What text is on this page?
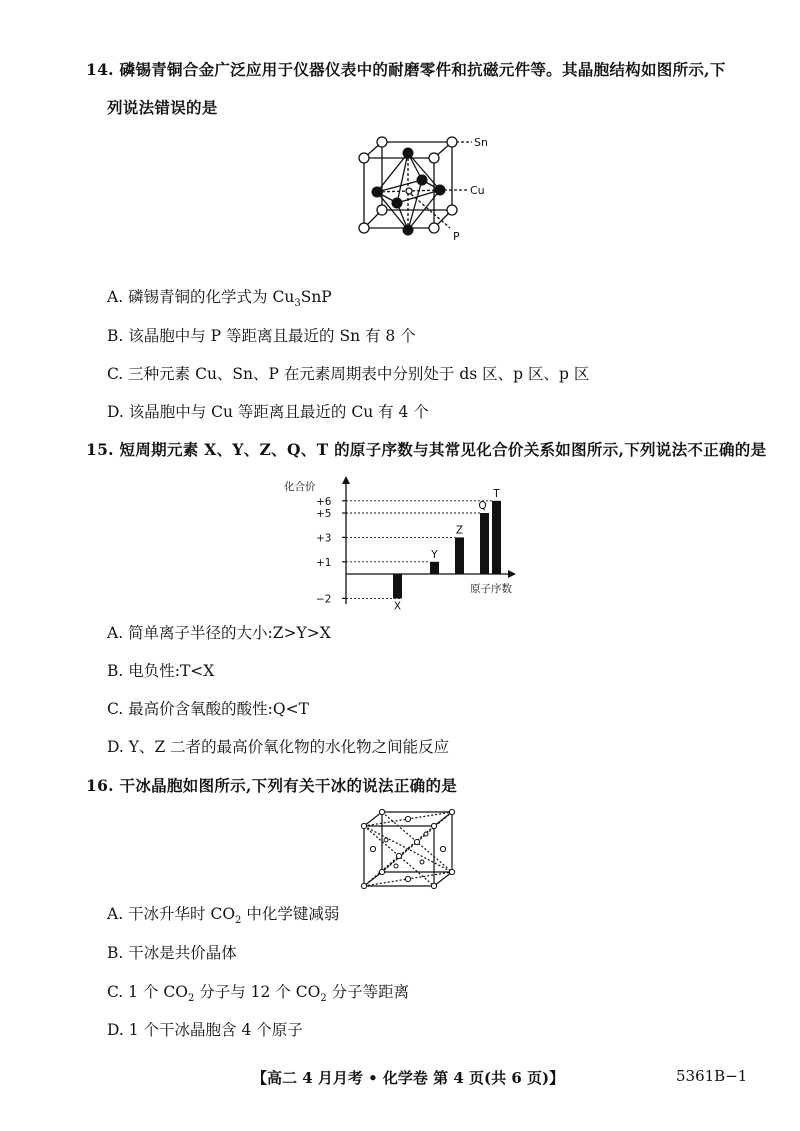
14. 磷锡青铜合金广泛应用于仪器仪表中的耐磨零件和抗磁元件等。其晶胞结构如图所示,下
列说法错误的是
Sn
Cu
P
A. 磷锡青铜的化学式为 $Cu_3SnP$
B. 该晶胞中与 P 等距离且最近的 Sn 有 8 个
C. 三种元素 Cu、Sn、P 在元素周期表中分别处于 ds 区、p 区、p 区
D. 该晶胞中与 Cu 等距离且最近的 Cu 有 4 个
15. 短周期元素 X、Y、Z、Q、T 的原子序数与其常见化合价关系如图所示,下列说法不正确的是
化合价
原子序数
+6
+5
+3
+1
−2
X
Y
Z
Q
T
A. 简单离子半径的大小:Z>Y>X
B. 电负性:T<X
C. 最高价含氧酸的酸性:Q<T
D. Y、Z 二者的最高价氧化物的水化物之间能反应
16. 干冰晶胞如图所示,下列有关干冰的说法正确的是
A. 干冰升华时 $CO_2$ 中化学键减弱
B. 干冰是共价晶体
C. 1 个 $CO_2$ 分子与 12 个 $CO_2$ 分子等距离
D. 1 个干冰晶胞含 4 个原子
【高二 4 月月考 • 化学卷 第 4 页(共 6 页)】	5361B−1
